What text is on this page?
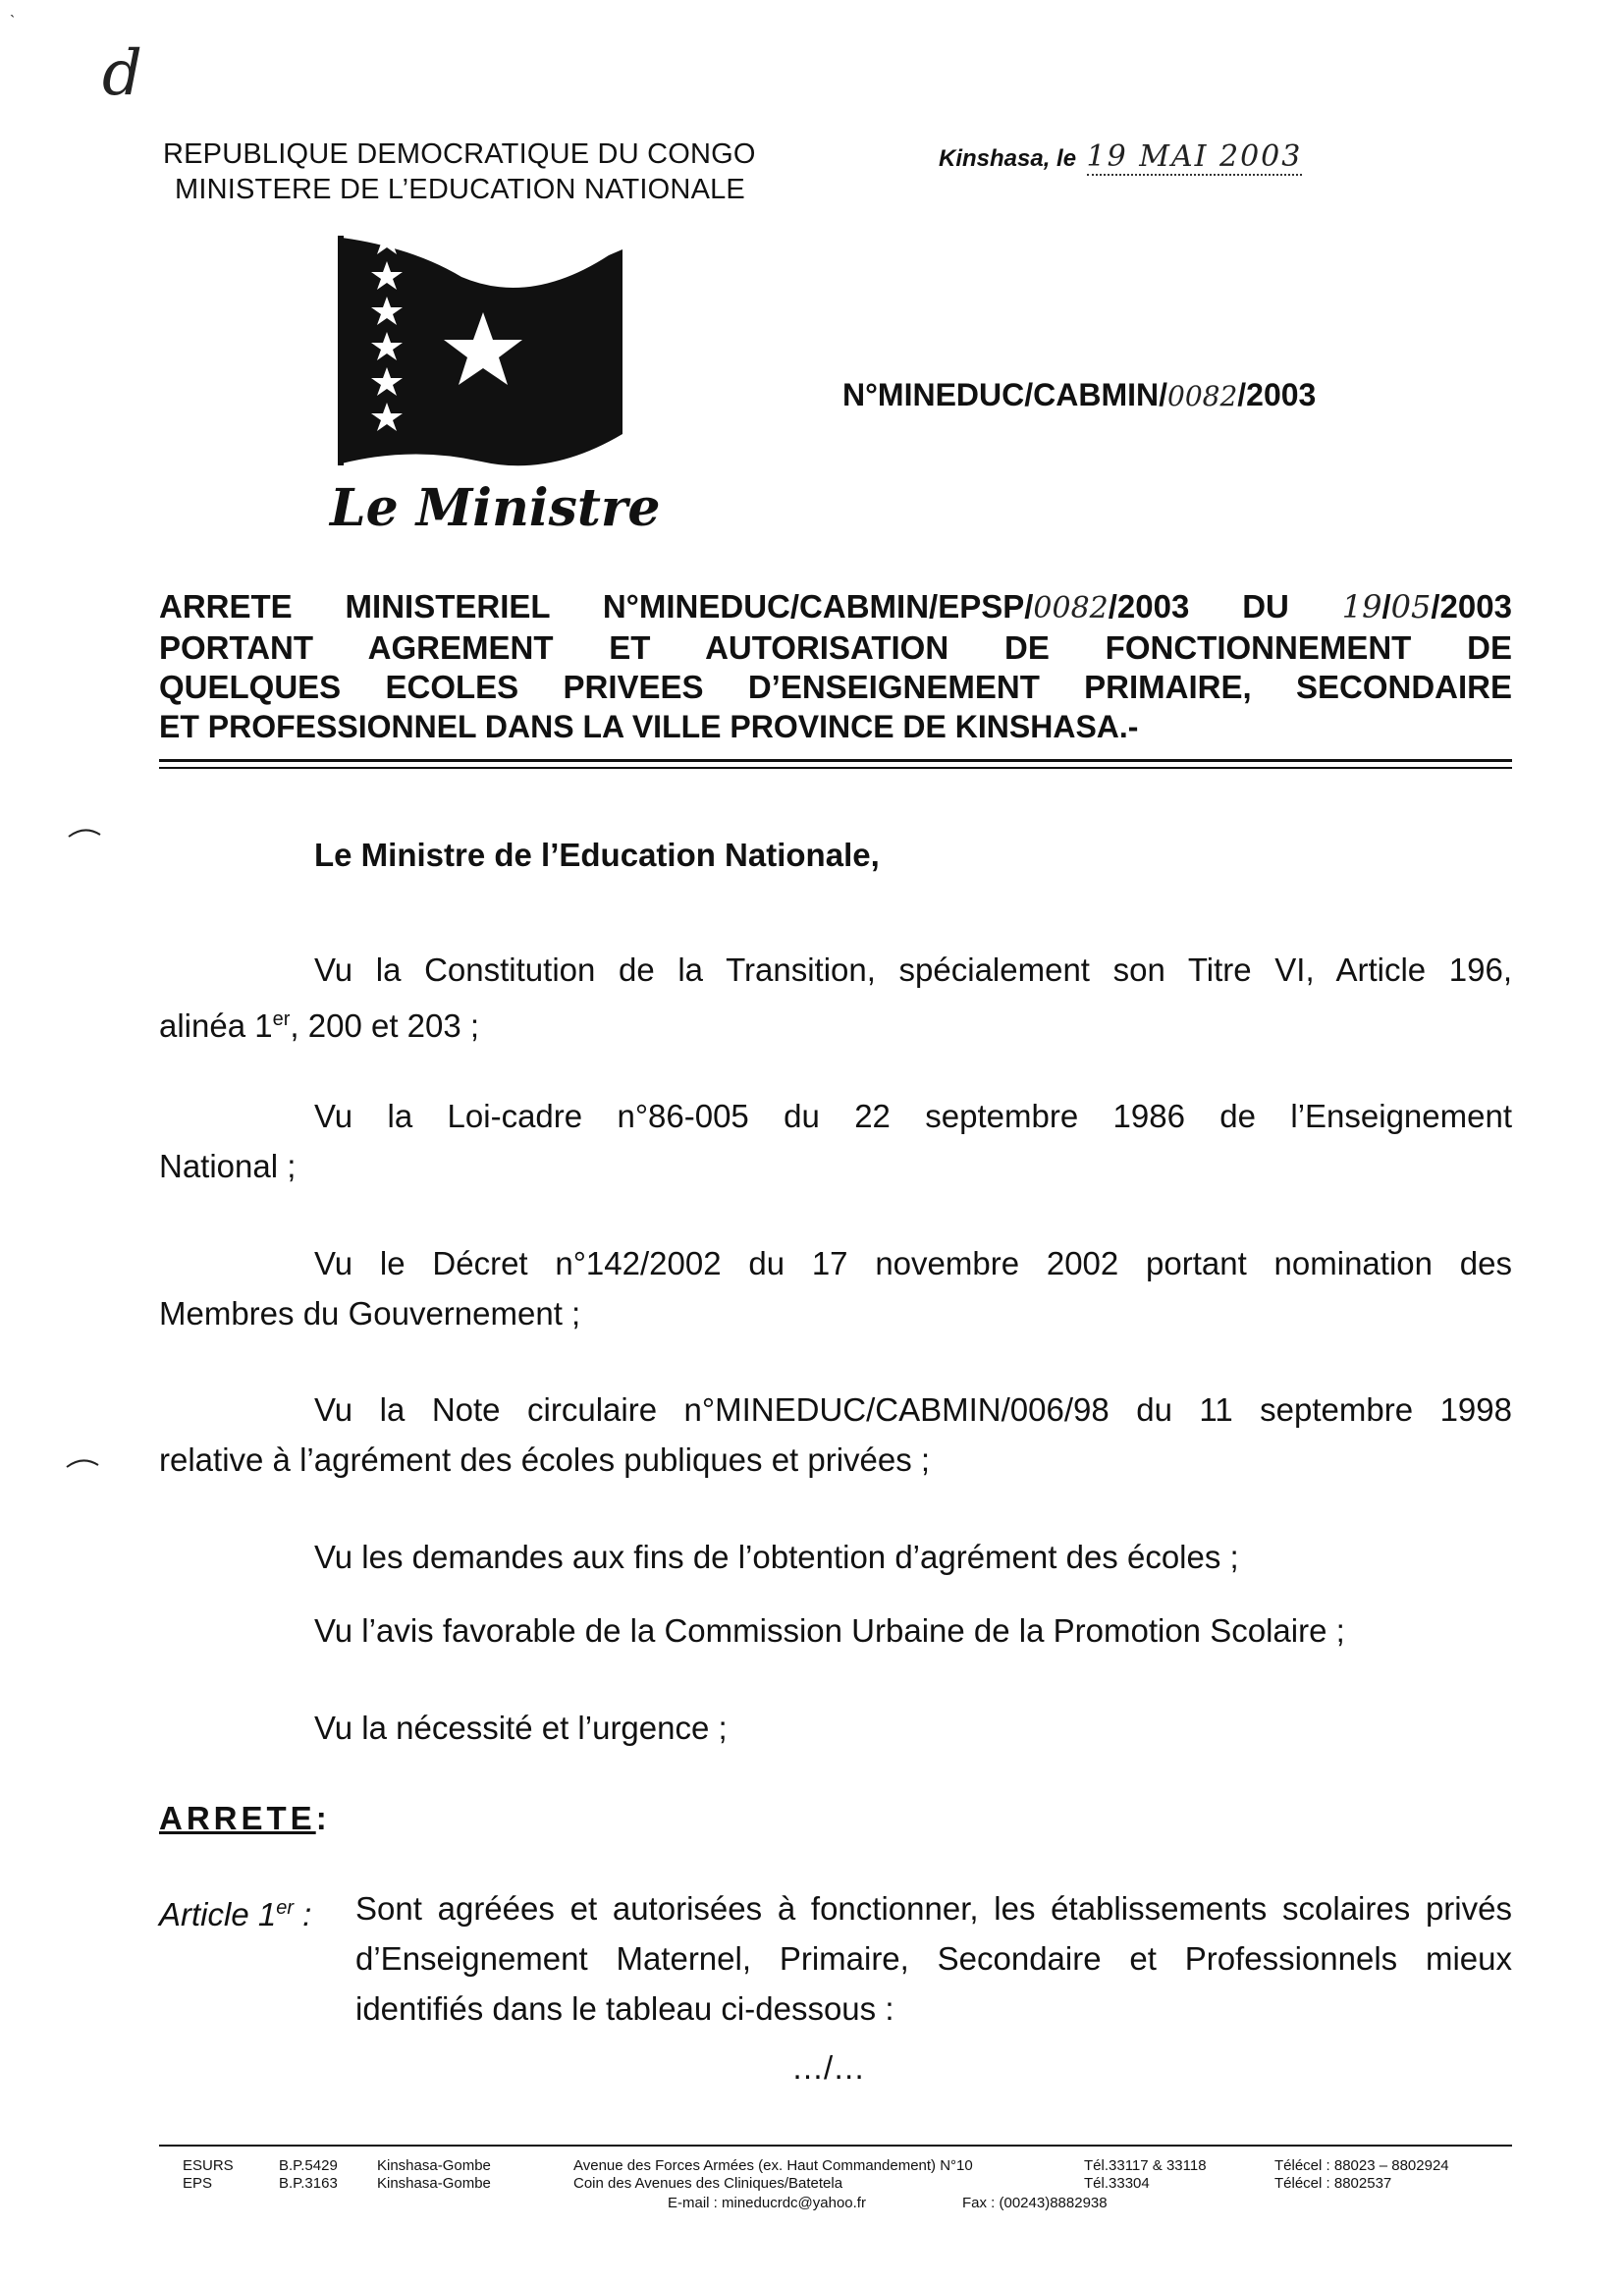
d
`
REPUBLIQUE DEMOCRATIQUE DU CONGO
MINISTERE DE L’EDUCATION NATIONALE
Kinshasa, le 19 MAI 2003
Le Ministre
N°MINEDUC/CABMIN/0082/2003
ARRETE MINISTERIEL N°MINEDUC/CABMIN/EPSP/0082/2003 DU 19/05/2003
PORTANT AGREMENT ET AUTORISATION DE FONCTIONNEMENT DE
QUELQUES ECOLES PRIVEES D’ENSEIGNEMENT PRIMAIRE, SECONDAIRE
ET PROFESSIONNEL DANS LA VILLE PROVINCE DE KINSHASA.-
Le Ministre de l’Education Nationale,
Vu la Constitution de la Transition, spécialement son Titre VI, Article 196,
alinéa 1er, 200 et 203 ;
Vu la Loi-cadre n°86-005 du 22 septembre 1986 de l’Enseignement
National ;
Vu le Décret n°142/2002 du 17 novembre 2002 portant nomination des
Membres du Gouvernement ;
Vu la Note circulaire n°MINEDUC/CABMIN/006/98 du 11 septembre 1998
relative à l’agrément des écoles publiques et privées ;
Vu les demandes aux fins de l’obtention d’agrément des écoles ;
Vu l’avis favorable de la Commission Urbaine de la Promotion Scolaire ;
Vu la nécessité et l’urgence ;
ARRETE:
Article 1er : Sont agréées et autorisées à fonctionner, les établissements scolaires privés
d’Enseignement Maternel, Primaire, Secondaire et Professionnels mieux
identifiés dans le tableau ci-dessous :
…/…
ESURS	B.P.5429	Kinshasa-Gombe	Avenue des Forces Armées (ex. Haut Commandement) N°10	Tél.33117 & 33118	Télécel : 88023 – 8802924
EPS	B.P.3163	Kinshasa-Gombe	Coin des Avenues des Cliniques/Batetela	Tél.33304	Télécel : 8802537
E-mail : mineducrdc@yahoo.fr	Fax : (00243)8882938
